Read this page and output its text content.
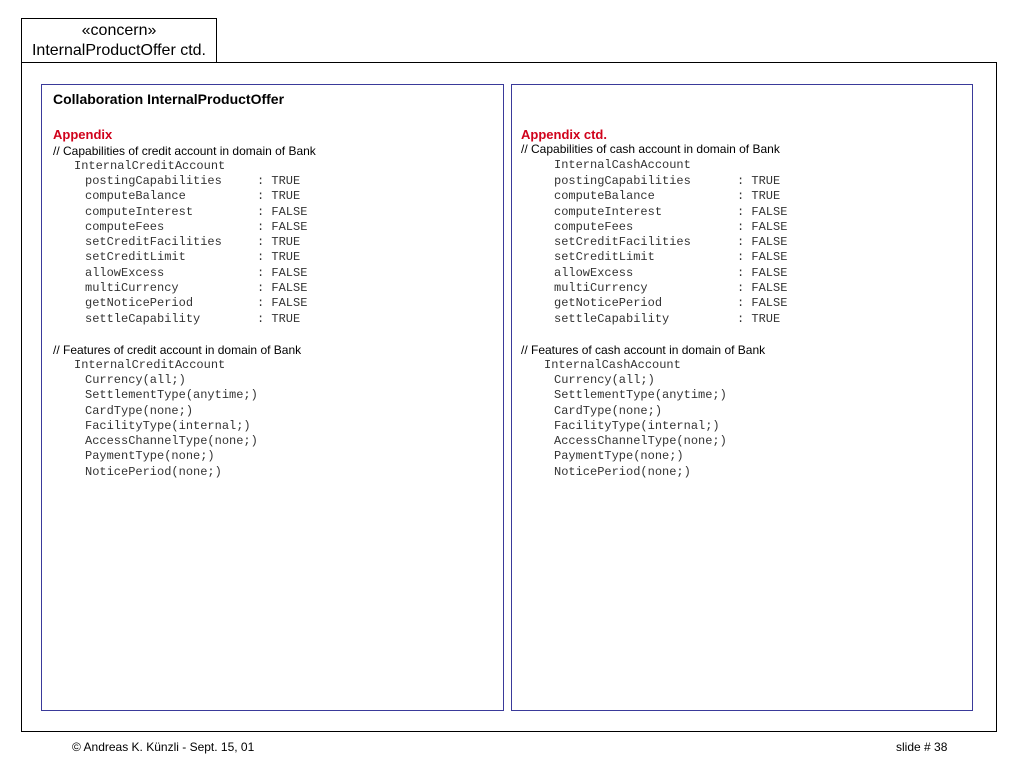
«concern»
InternalProductOffer ctd.
Collaboration InternalProductOffer
Appendix
// Capabilities of credit account in domain of Bank
InternalCreditAccount
postingCapabilities	: TRUE
computeBalance	: TRUE
computeInterest	: FALSE
computeFees	: FALSE
setCreditFacilities	: TRUE
setCreditLimit	: TRUE
allowExcess	: FALSE
multiCurrency	: FALSE
getNoticePeriod	: FALSE
settleCapability	: TRUE
// Features of credit account in domain of Bank
InternalCreditAccount
Currency(all;)
SettlementType(anytime;)
CardType(none;)
FacilityType(internal;)
AccessChannelType(none;)
PaymentType(none;)
NoticePeriod(none;)
Appendix ctd.
// Capabilities of cash account in domain of Bank
InternalCashAccount
postingCapabilities	: TRUE
computeBalance	: TRUE
computeInterest	: FALSE
computeFees	: FALSE
setCreditFacilities	: FALSE
setCreditLimit	: FALSE
allowExcess	: FALSE
multiCurrency	: FALSE
getNoticePeriod	: FALSE
settleCapability	: TRUE
// Features of cash account in domain of Bank
InternalCashAccount
Currency(all;)
SettlementType(anytime;)
CardType(none;)
FacilityType(internal;)
AccessChannelType(none;)
PaymentType(none;)
NoticePeriod(none;)
© Andreas K. Künzli - Sept. 15, 01	slide # 38
